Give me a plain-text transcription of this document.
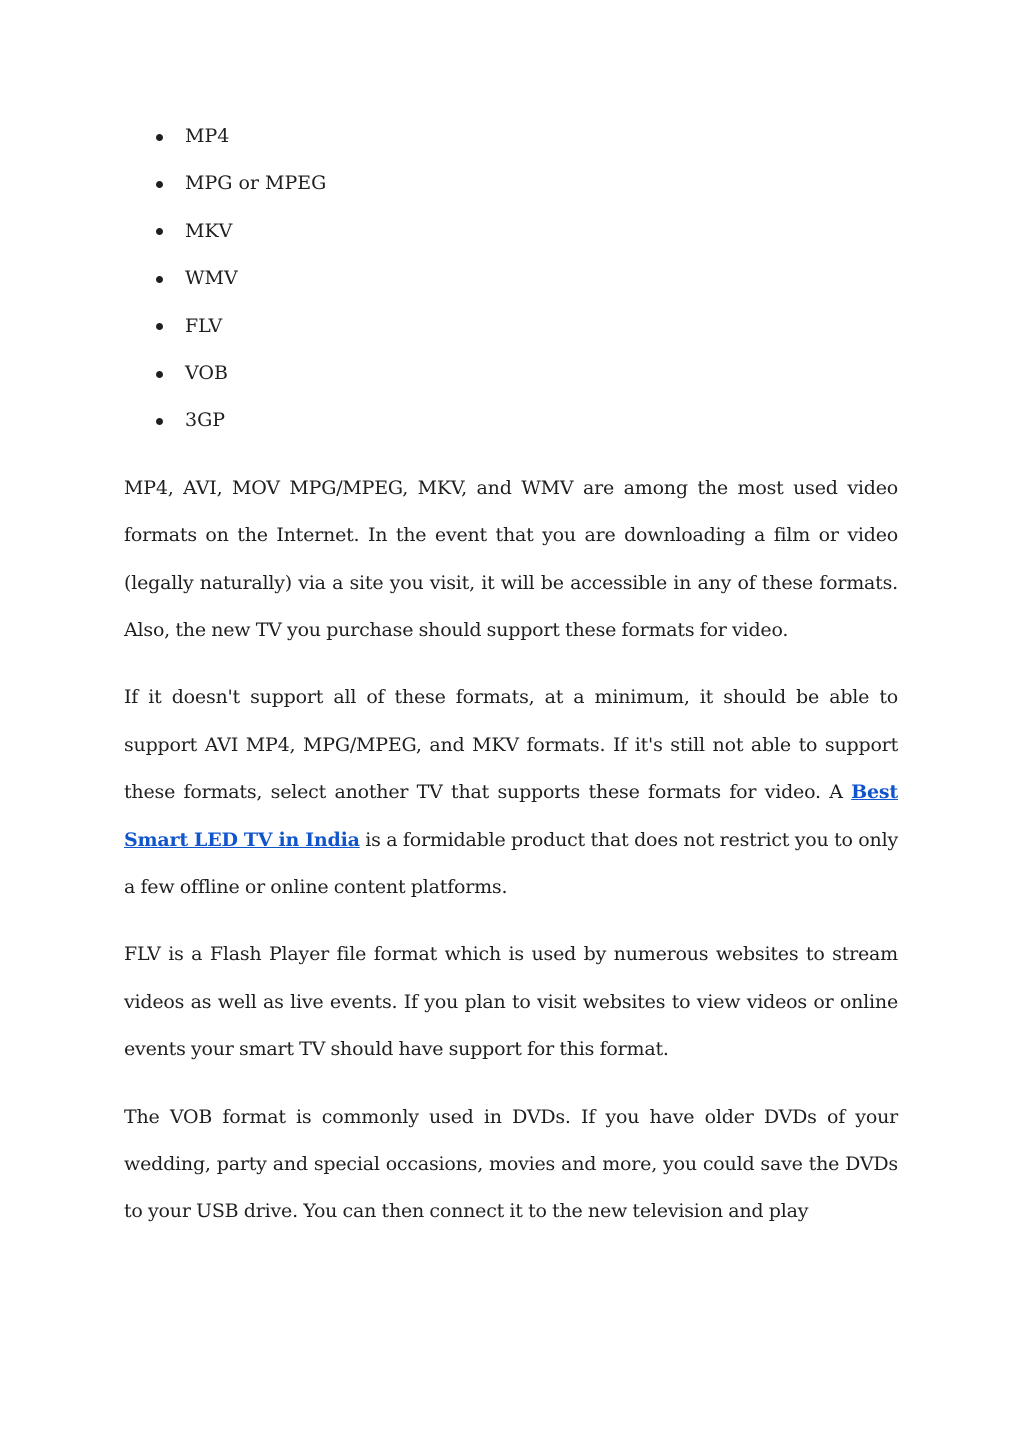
MP4
MPG or MPEG
MKV
WMV
FLV
VOB
3GP

MP4, AVI, MOV MPG/MPEG, MKV, and WMV are among the most used video formats on the Internet. In the event that you are downloading a film or video (legally naturally) via a site you visit, it will be accessible in any of these formats. Also, the new TV you purchase should support these formats for video.

If it doesn't support all of these formats, at a minimum, it should be able to support AVI MP4, MPG/MPEG, and MKV formats. If it's still not able to support these formats, select another TV that supports these formats for video. A Best Smart LED TV in India is a formidable product that does not restrict you to only a few offline or online content platforms.

FLV is a Flash Player file format which is used by numerous websites to stream videos as well as live events. If you plan to visit websites to view videos or online events your smart TV should have support for this format.

The VOB format is commonly used in DVDs. If you have older DVDs of your wedding, party and special occasions, movies and more, you could save the DVDs to your USB drive. You can then connect it to the new television and play
